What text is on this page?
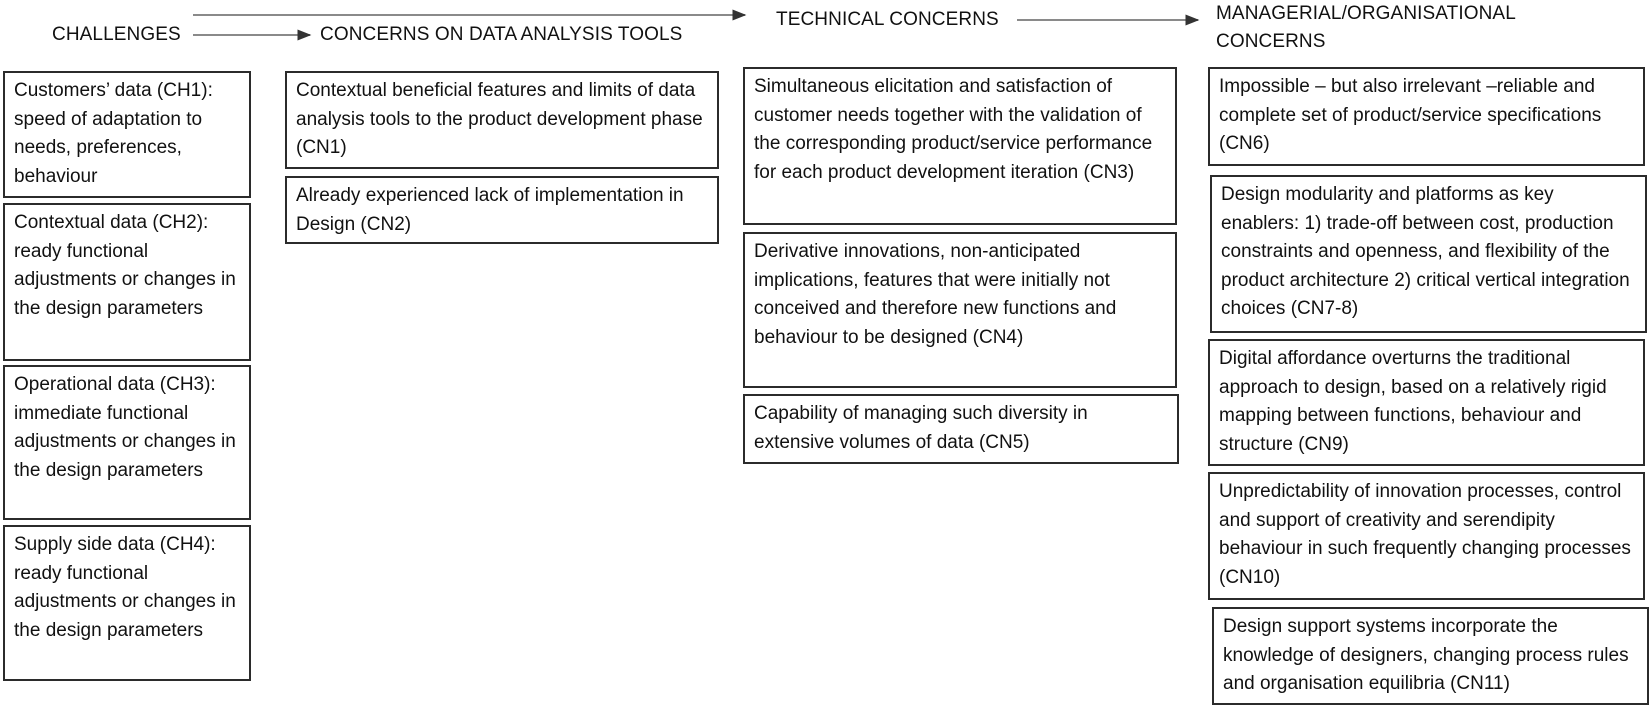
CHALLENGES	CONCERNS ON DATA ANALYSIS TOOLS
TECHNICAL CONCERNS	MANAGERIAL/ORGANISATIONAL
CONCERNS
Customers’ data (CH1): speed of adaptation to needs, preferences, behaviour
Contextual data (CH2): ready functional adjustments or changes in the design parameters
Operational data (CH3): immediate functional adjustments or changes in the design parameters
Supply side data (CH4): ready functional adjustments or changes in the design parameters
Contextual beneficial features and limits of data analysis tools to the product development phase (CN1)
Already experienced lack of implementation in Design (CN2)
Simultaneous elicitation and satisfaction of customer needs together with the validation of the corresponding product/service performance for each product development iteration (CN3)
Derivative innovations, non-anticipated implications, features that were initially not conceived and therefore new functions and behaviour to be designed (CN4)
Capability of managing such diversity in extensive volumes of data (CN5)
Impossible – but also irrelevant –reliable and complete set of product/service specifications (CN6)
Design modularity and platforms as key enablers: 1) trade-off between cost, production constraints and openness, and flexibility of the product architecture 2) critical vertical integration choices (CN7-8)
Digital affordance overturns the traditional approach to design, based on a relatively rigid mapping between functions, behaviour and structure (CN9)
Unpredictability of innovation processes, control and support of creativity and serendipity behaviour in such frequently changing processes (CN10)
Design support systems incorporate the knowledge of designers, changing process rules and organisation equilibria (CN11)
